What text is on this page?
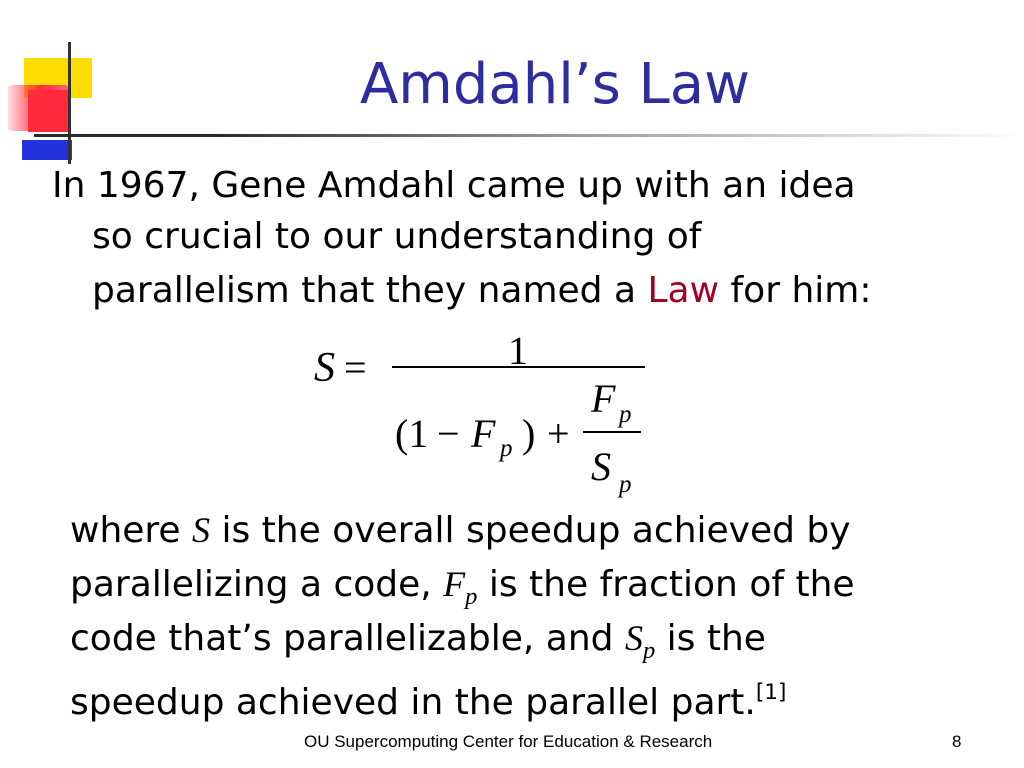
Amdahl’s Law
In 1967, Gene Amdahl came up with an idea
so crucial to our understanding of
parallelism that they named a Law for him:
S =	1
(1 − F p ) +
F p
S p
where S is the overall speedup achieved by
parallelizing a code, $F_p$ is the fraction of the
code that’s parallelizable, and $S_p$ is the
speedup achieved in the parallel part.[1]
OU Supercomputing Center for Education & Research	8
